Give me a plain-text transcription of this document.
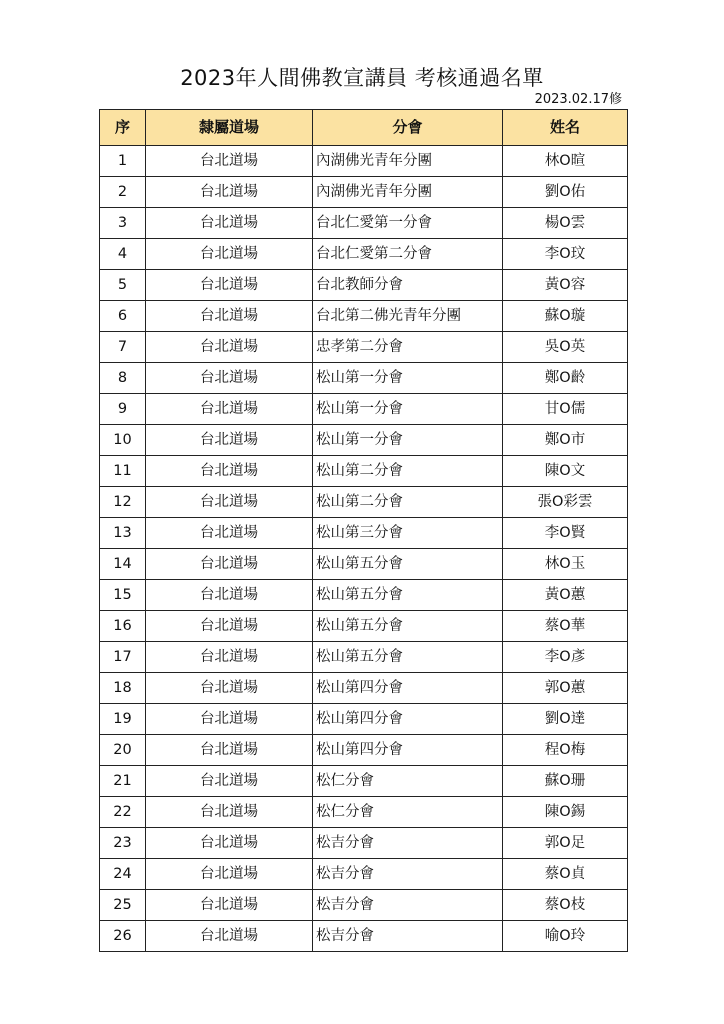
2023年人間佛教宣講員 考核通過名單
2023.02.17修
序	隸屬道場	分會	姓名
1	台北道場	內湖佛光青年分團	林O暄
2	台北道場	內湖佛光青年分團	劉O佑
3	台北道場	台北仁愛第一分會	楊O雲
4	台北道場	台北仁愛第二分會	李O玟
5	台北道場	台北教師分會	黃O容
6	台北道場	台北第二佛光青年分團	蘇O璇
7	台北道場	忠孝第二分會	吳O英
8	台北道場	松山第一分會	鄭O齡
9	台北道場	松山第一分會	甘O儒
10	台北道場	松山第一分會	鄭O市
11	台北道場	松山第二分會	陳O文
12	台北道場	松山第二分會	張O彩雲
13	台北道場	松山第三分會	李O賢
14	台北道場	松山第五分會	林O玉
15	台北道場	松山第五分會	黃O蕙
16	台北道場	松山第五分會	蔡O華
17	台北道場	松山第五分會	李O彥
18	台北道場	松山第四分會	郭O蕙
19	台北道場	松山第四分會	劉O達
20	台北道場	松山第四分會	程O梅
21	台北道場	松仁分會	蘇O珊
22	台北道場	松仁分會	陳O錫
23	台北道場	松吉分會	郭O足
24	台北道場	松吉分會	蔡O貞
25	台北道場	松吉分會	蔡O枝
26	台北道場	松吉分會	喻O玲
